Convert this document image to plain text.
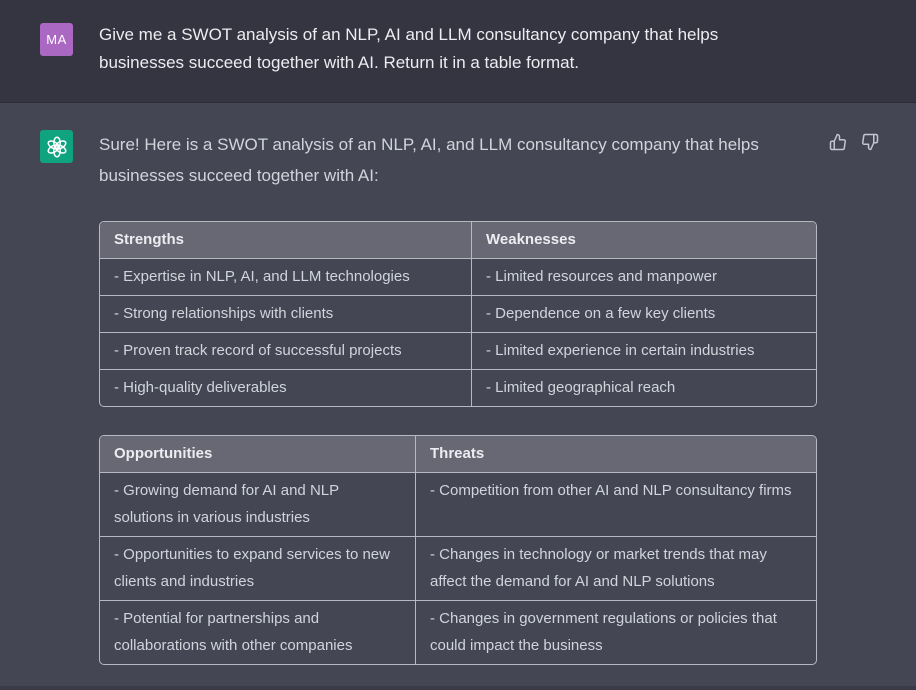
MA	Give me a SWOT analysis of an NLP, AI and LLM consultancy company that helps businesses succeed together with AI. Return it in a table format.
Sure! Here is a SWOT analysis of an NLP, AI, and LLM consultancy company that helps businesses succeed together with AI:
Strengths	Weaknesses
- Expertise in NLP, AI, and LLM technologies	- Limited resources and manpower
- Strong relationships with clients	- Dependence on a few key clients
- Proven track record of successful projects	- Limited experience in certain industries
- High-quality deliverables	- Limited geographical reach
Opportunities	Threats
- Growing demand for AI and NLP solutions in various industries	- Competition from other AI and NLP consultancy firms
- Opportunities to expand services to new clients and industries	- Changes in technology or market trends that may affect the demand for AI and NLP solutions
- Potential for partnerships and collaborations with other companies	- Changes in government regulations or policies that could impact the business
